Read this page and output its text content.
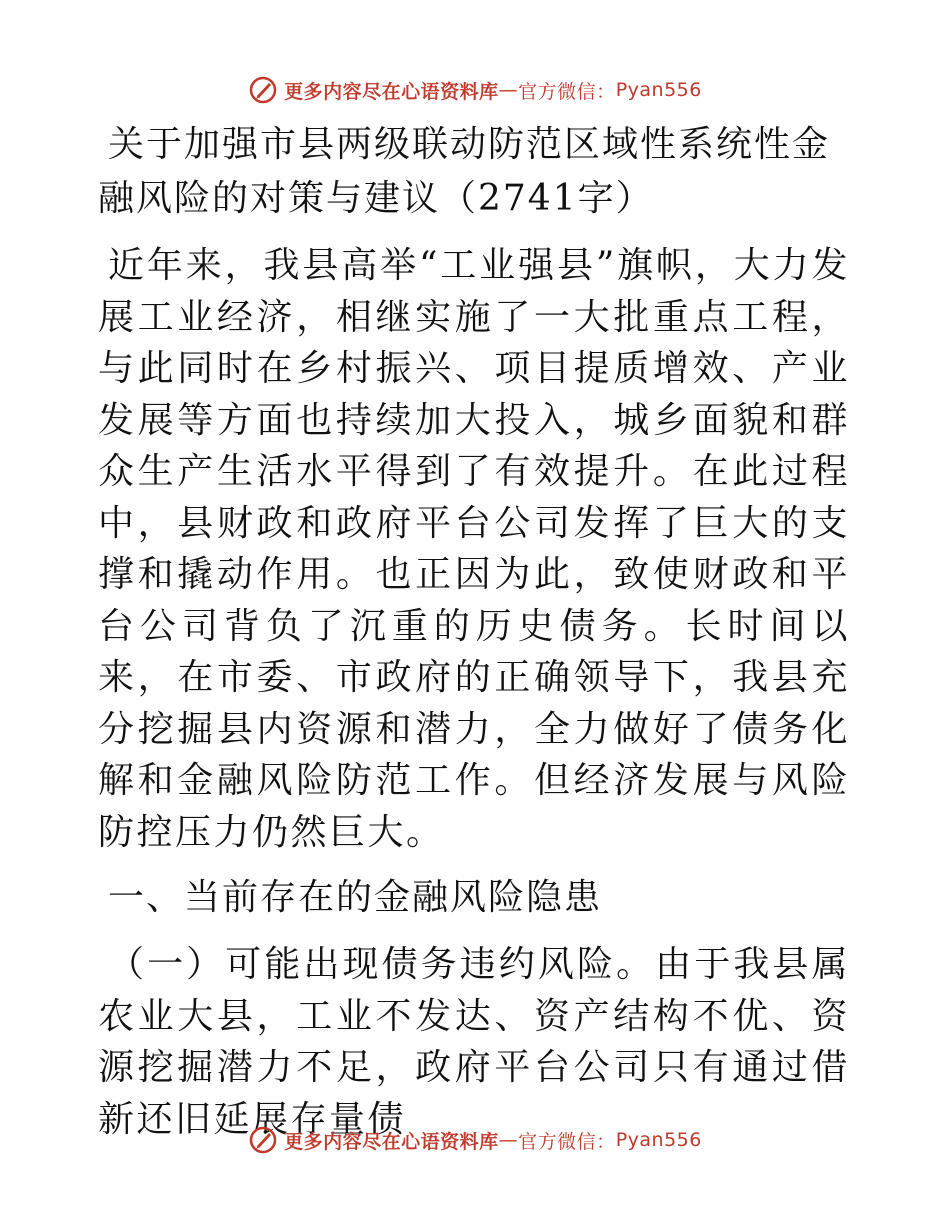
更多内容尽在心语资料库 — 官方微信： Pyan556

关于加强市县两级联动防范区域性系统性金融风险的对策与建议（2741字）

近年来，我县高举“工业强县”旗帜，大力发展工业经济，相继实施了一大批重点工程，与此同时在乡村振兴、项目提质增效、产业发展等方面也持续加大投入，城乡面貌和群众生产生活水平得到了有效提升。在此过程中，县财政和政府平台公司发挥了巨大的支撑和撬动作用。也正因为此，致使财政和平台公司背负了沉重的历史债务。长时间以来，在市委、市政府的正确领导下，我县充分挖掘县内资源和潜力，全力做好了债务化解和金融风险防范工作。但经济发展与风险防控压力仍然巨大。

一、当前存在的金融风险隐患

（一）可能出现债务违约风险。由于我县属农业大县，工业不发达、资产结构不优、资源挖掘潜力不足，政府平台公司只有通过借新还旧延展存量债

更多内容尽在心语资料库 — 官方微信： Pyan556
